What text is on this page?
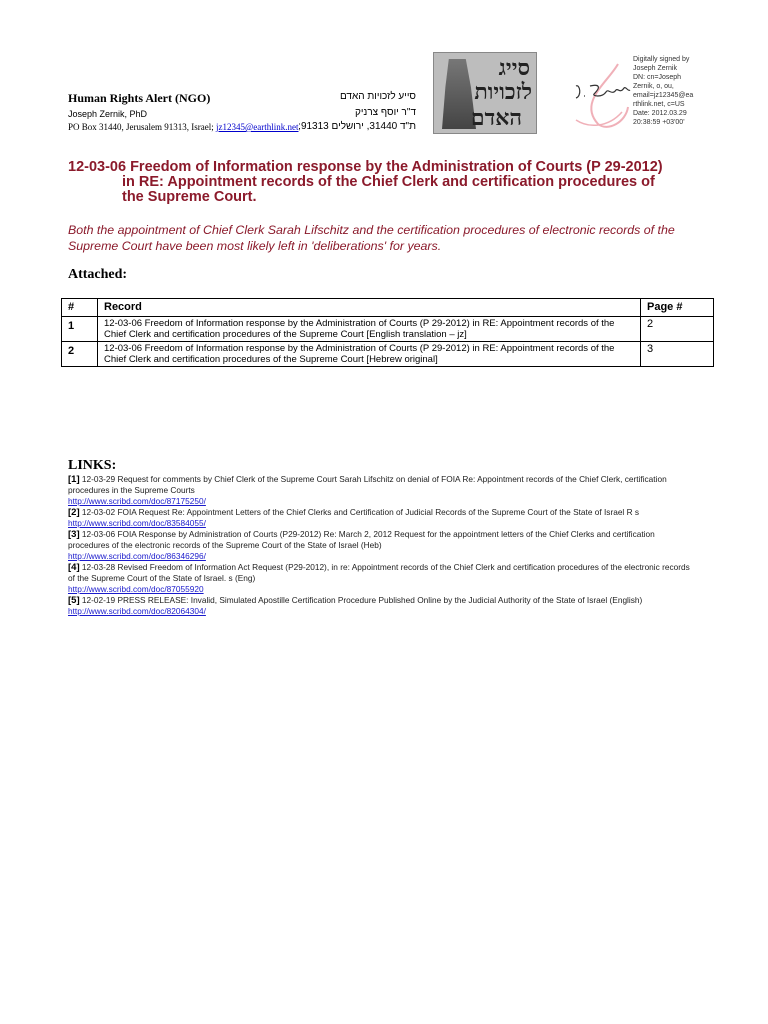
Human Rights Alert (NGO)
Joseph Zernik, PhD
PO Box 31440, Jerusalem 91313, Israel; jz12345@earthlink.net
סייע לזכויות האדם
ד"ר יוסף צרניק
ת"ד 31440, ירושלים 91313;
סייג
לזכויות
האדם
Digitally signed by
Joseph Zernik
DN: cn=Joseph
Zernik, o, ou,
email=jz12345@ea
rthlink.net, c=US
Date: 2012.03.29
20:38:59 +03'00'
12-03-06 Freedom of Information response by the Administration of Courts (P 29-2012)
in RE: Appointment records of the Chief Clerk and certification procedures of
the Supreme Court.
Both the appointment of Chief Clerk Sarah Lifschitz and the certification procedures of electronic records of the Supreme Court have been most likely left in 'deliberations' for years.
Attached:
#	Record	Page #
1	12-03-06 Freedom of Information response by the Administration of Courts (P 29-2012) in RE: Appointment records of the Chief Clerk and certification procedures of the Supreme Court [English translation – jz]	2
2	12-03-06 Freedom of Information response by the Administration of Courts (P 29-2012) in RE: Appointment records of the Chief Clerk and certification procedures of the Supreme Court [Hebrew original]	3
LINKS:

[1] 12-03-29 Request for comments by Chief Clerk of the Supreme Court Sarah Lifschitz on denial of FOIA Re: Appointment records of the Chief Clerk, certification procedures in the Supreme Courts
http://www.scribd.com/doc/87175250/

[2] 12-03-02 FOIA Request Re: Appointment Letters of the Chief Clerks and Certification of Judicial Records of the Supreme Court of the State of Israel R s
http://www.scribd.com/doc/83584055/

[3] 12-03-06 FOIA Response by Administration of Courts (P29-2012) Re: March 2, 2012 Request for the appointment letters of the Chief Clerks and certification procedures of the electronic records of the Supreme Court of the State of Israel (Heb)
http://www.scribd.com/doc/86346296/

[4] 12-03-28 Revised Freedom of Information Act Request (P29-2012), in re: Appointment records of the Chief Clerk and certification procedures of the electronic records of the Supreme Court of the State of Israel. s (Eng)
http://www.scribd.com/doc/87055920

[5] 12-02-19 PRESS RELEASE: Invalid, Simulated Apostille Certification Procedure Published Online by the Judicial Authority of the State of Israel (English)
http://www.scribd.com/doc/82064304/
